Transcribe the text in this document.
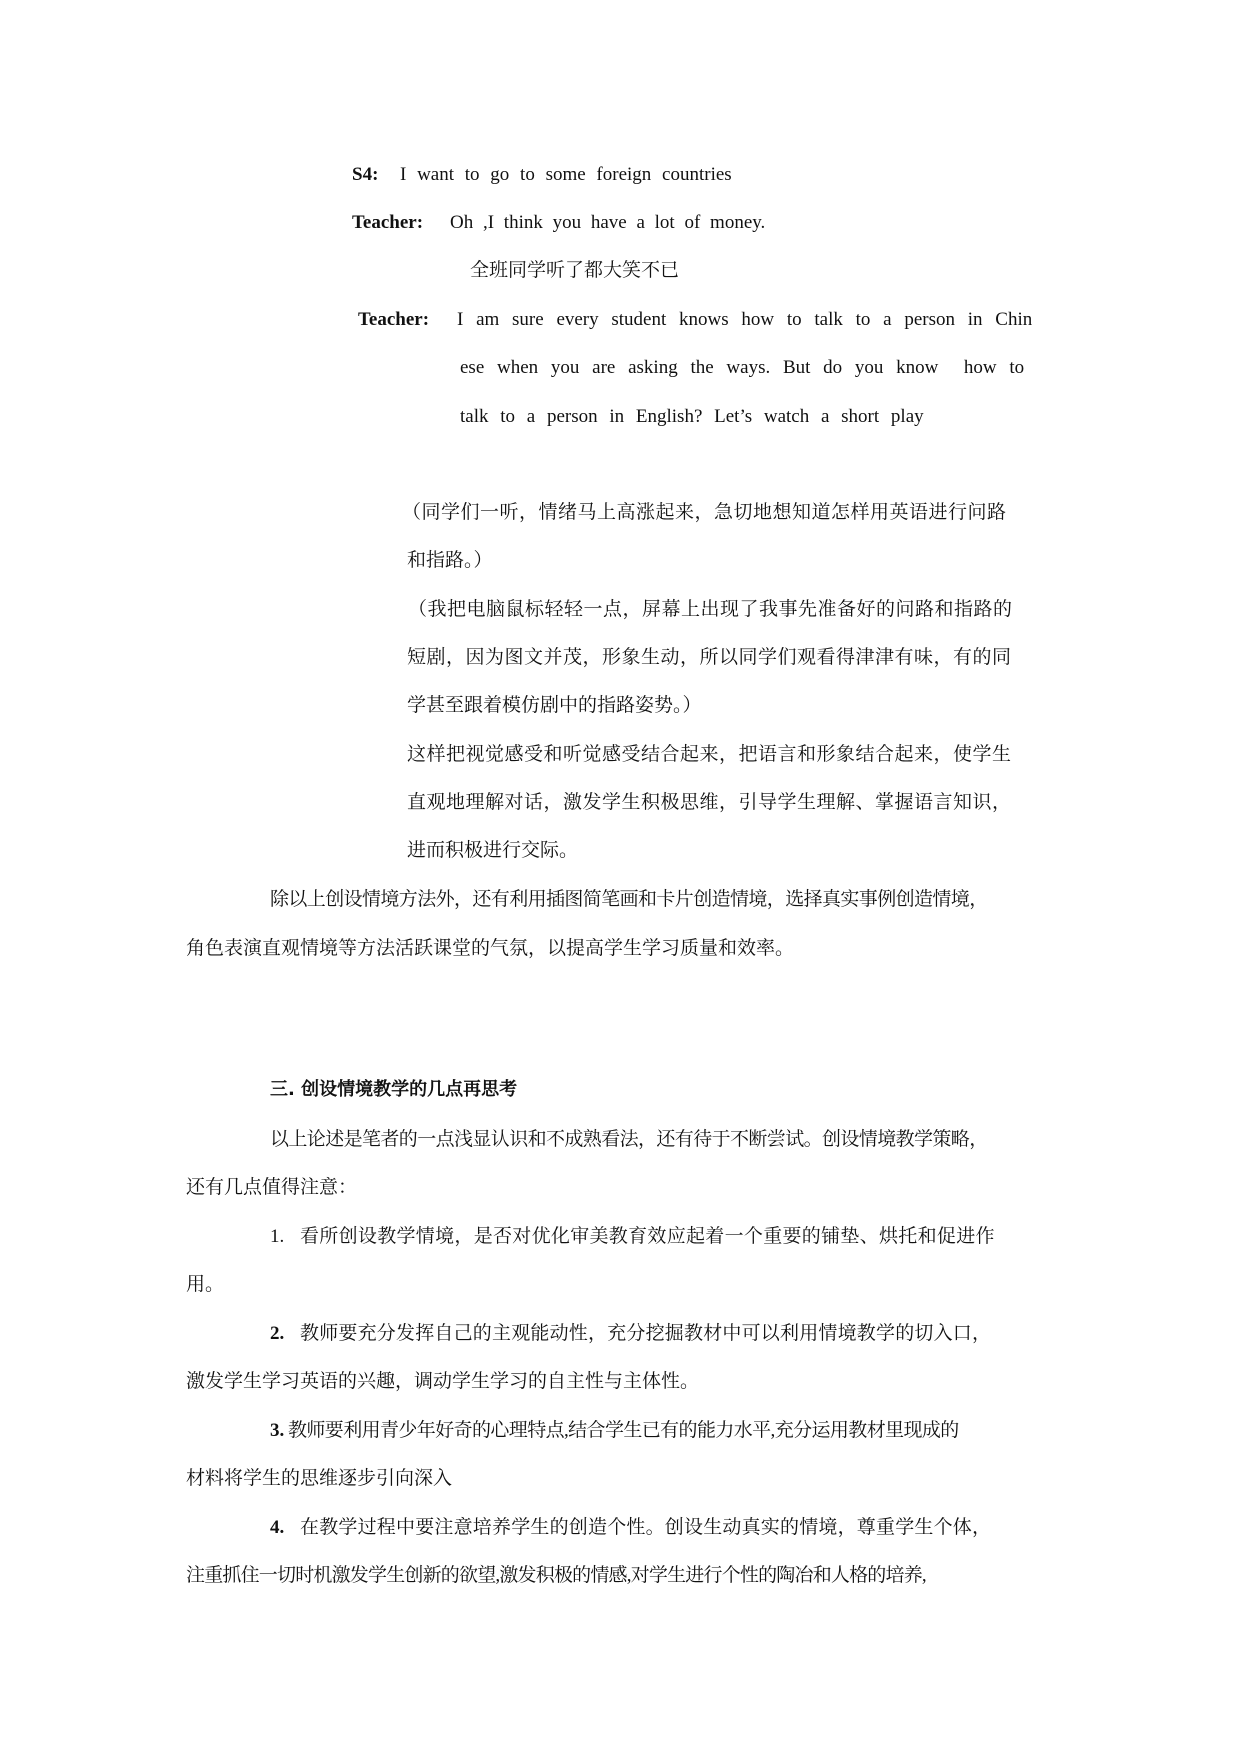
S4: I want to go to some foreign countries
Teacher: Oh ,I think you have a lot of money.
全班同学听了都大笑不已
Teacher: I am sure every student knows how to talk to a person in Chin
ese when you are asking the ways. But do you know  how to
talk to a person in English? Let’s watch a short play
（同学们一听，情绪马上高涨起来，急切地想知道怎样用英语进行问路
和指路。）
（我把电脑鼠标轻轻一点，屏幕上出现了我事先准备好的问路和指路的
短剧，因为图文并茂，形象生动，所以同学们观看得津津有味，有的同
学甚至跟着模仿剧中的指路姿势。）
这样把视觉感受和听觉感受结合起来，把语言和形象结合起来，使学生
直观地理解对话，激发学生积极思维，引导学生理解、掌握语言知识，
进而积极进行交际。
除以上创设情境方法外，还有利用插图简笔画和卡片创造情境，选择真实事例创造情境，
角色表演直观情境等方法活跃课堂的气氛，以提高学生学习质量和效率。
三. 创设情境教学的几点再思考
以上论述是笔者的一点浅显认识和不成熟看法，还有待于不断尝试。创设情境教学策略，
还有几点值得注意：
1. 看所创设教学情境，是否对优化审美教育效应起着一个重要的铺垫、烘托和促进作
用。
2. 教师要充分发挥自己的主观能动性，充分挖掘教材中可以利用情境教学的切入口，
激发学生学习英语的兴趣，调动学生学习的自主性与主体性。
3. 教师要利用青少年好奇的心理特点,结合学生已有的能力水平,充分运用教材里现成的
材料将学生的思维逐步引向深入
4. 在教学过程中要注意培养学生的创造个性。创设生动真实的情境，尊重学生个体，
注重抓住一切时机激发学生创新的欲望,激发积极的情感,对学生进行个性的陶冶和人格的培养,
